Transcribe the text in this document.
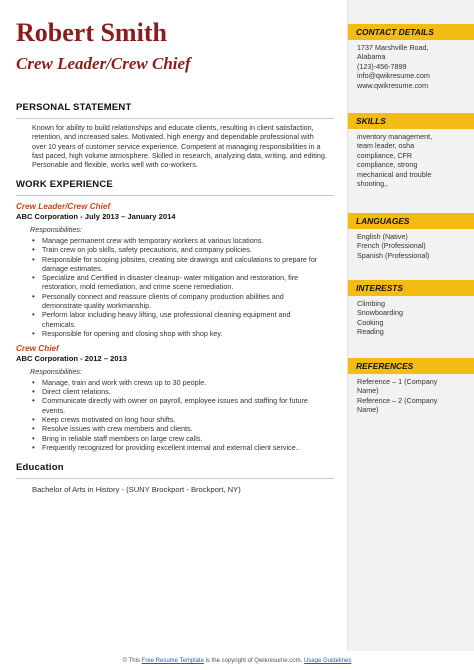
Robert Smith
Crew Leader/Crew Chief
PERSONAL STATEMENT
Known for ability to build relationships and educate clients, resulting in client satisfaction, retention, and increased sales. Motivated, high energy and dependable professional with over 10 years of customer service experience. Competent at managing responsibilities in a fast paced, high volume atmosphere. Skilled in research, analyzing data, writing, and editing. Personable and flexible, works well with co-workers.
WORK EXPERIENCE
Crew Leader/Crew Chief
ABC Corporation - July 2013 – January 2014
Responsibilities:
• Manage permanent crew with temporary workers at various locations.
• Train crew on job skills, safety precautions, and company policies.
• Responsible for scoping jobsites, creating site drawings and calculations to prepare for damage estimates.
• Specialize and Certified in disaster cleanup- water mitigation and restoration, fire restoration, mold remediation, and crime scene remediation.
• Personally connect and reassure clients of company production abilities and demonstrate quality workmanship.
• Perform labor including heavy lifting, use professional cleaning equipment and chemicals.
• Responsible for opening and closing shop with shop key.
Crew Chief
ABC Corporation - 2012 – 2013
Responsibilities:
• Manage, train and work with crews up to 30 people.
• Direct client relations.
• Communicate directly with owner on payroll, employee issues and staffing for future events.
• Keep crews motivated on long hour shifts.
• Resolve issues with crew members and clients.
• Bring in reliable staff members on large crew calls.
• Frequently recognized for providing excellent internal and external client service..
Education
Bachelor of Arts in History - (SUNY Brockport - Brockport, NY)
CONTACT DETAILS
1737 Marshville Road,
Alabama
(123)-456-7899
info@qwikresume.com
www.qwikresume.com
SKILLS
inventory management,
team leader, osha
compliance, CFR
compliance, strong
mechanical and trouble
shooting,.
LANGUAGES
English (Native)
French (Professional)
Spanish (Professional)
INTERESTS
Climbing
Snowboarding
Cooking
Reading
REFERENCES
Reference – 1 (Company
Name)
Reference – 2 (Company
Name)
© This Free Resume Template is the copyright of Qwikresume.com. Usage Guidelines
